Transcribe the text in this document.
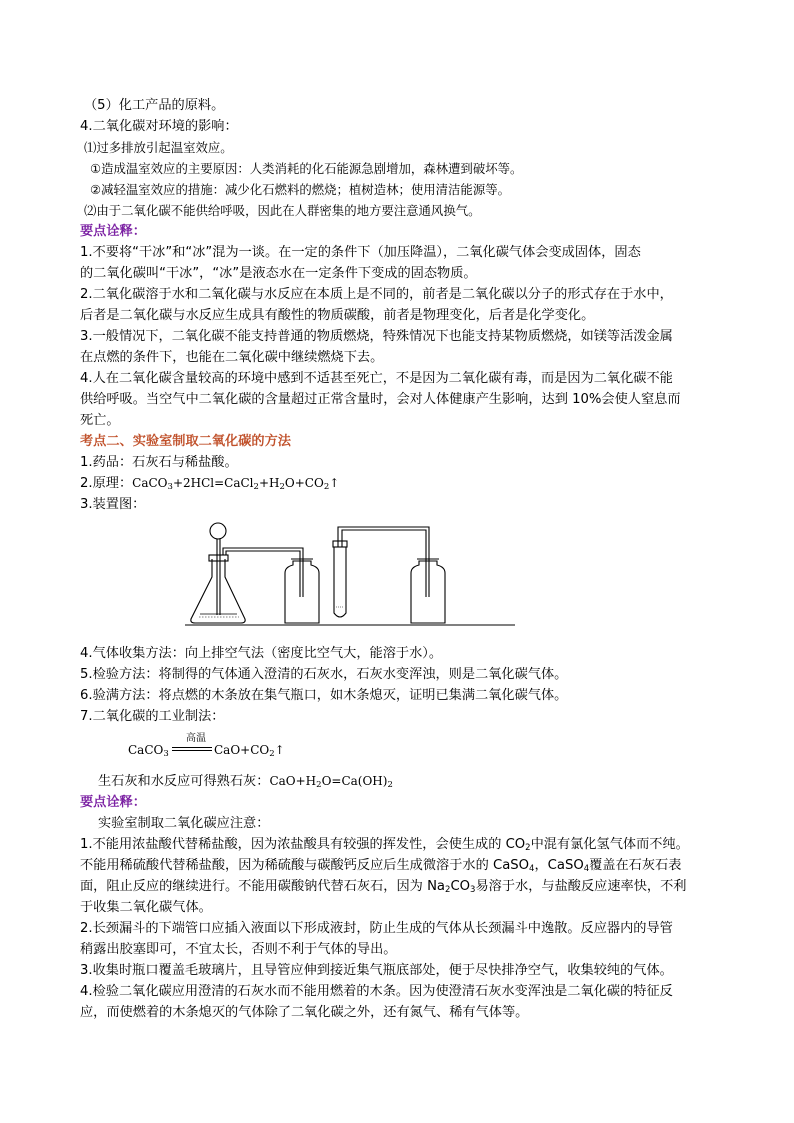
（5）化工产品的原料。
4.二氧化碳对环境的影响：
⑴过多排放引起温室效应。
①造成温室效应的主要原因：人类消耗的化石能源急剧增加，森林遭到破坏等。
②减轻温室效应的措施：减少化石燃料的燃烧；植树造林；使用清洁能源等。
⑵由于二氧化碳不能供给呼吸，因此在人群密集的地方要注意通风换气。
要点诠释：
1.不要将“干冰”和“冰”混为一谈。在一定的条件下（加压降温），二氧化碳气体会变成固体，固态
的二氧化碳叫“干冰”，“冰”是液态水在一定条件下变成的固态物质。
2.二氧化碳溶于水和二氧化碳与水反应在本质上是不同的，前者是二氧化碳以分子的形式存在于水中，
后者是二氧化碳与水反应生成具有酸性的物质碳酸，前者是物理变化，后者是化学变化。
3.一般情况下，二氧化碳不能支持普通的物质燃烧，特殊情况下也能支持某物质燃烧，如镁等活泼金属
在点燃的条件下，也能在二氧化碳中继续燃烧下去。
4.人在二氧化碳含量较高的环境中感到不适甚至死亡，不是因为二氧化碳有毒，而是因为二氧化碳不能
供给呼吸。当空气中二氧化碳的含量超过正常含量时，会对人体健康产生影响，达到 10%会使人窒息而
死亡。
考点二、实验室制取二氧化碳的方法
1.药品：石灰石与稀盐酸。
2.原理：$CaCO_3+2HCl=CaCl_2+H_2O+CO_2↑$
3.装置图：
4.气体收集方法：向上排空气法（密度比空气大，能溶于水）。
5.检验方法：将制得的气体通入澄清的石灰水，石灰水变浑浊，则是二氧化碳气体。
6.验满方法：将点燃的木条放在集气瓶口，如木条熄灭，证明已集满二氧化碳气体。
7.二氧化碳的工业制法：
CaCO$_3$
高温
$CaO+CO_2↑$
生石灰和水反应可得熟石灰：$CaO+H_2O=Ca(OH)_2$
要点诠释：
实验室制取二氧化碳应注意：
1.不能用浓盐酸代替稀盐酸，因为浓盐酸具有较强的挥发性，会使生成的 $CO_2$中混有氯化氢气体而不纯。
不能用稀硫酸代替稀盐酸，因为稀硫酸与碳酸钙反应后生成微溶于水的 CaSO$_4$，CaSO$_4$覆盖在石灰石表
面，阻止反应的继续进行。不能用碳酸钠代替石灰石，因为 $Na_2CO_3$易溶于水，与盐酸反应速率快，不利
于收集二氧化碳气体。
2.长颈漏斗的下端管口应插入液面以下形成液封，防止生成的气体从长颈漏斗中逸散。反应器内的导管
稍露出胶塞即可，不宜太长，否则不利于气体的导出。
3.收集时瓶口覆盖毛玻璃片，且导管应伸到接近集气瓶底部处，便于尽快排净空气，收集较纯的气体。
4.检验二氧化碳应用澄清的石灰水而不能用燃着的木条。因为使澄清石灰水变浑浊是二氧化碳的特征反
应，而使燃着的木条熄灭的气体除了二氧化碳之外，还有氮气、稀有气体等。
